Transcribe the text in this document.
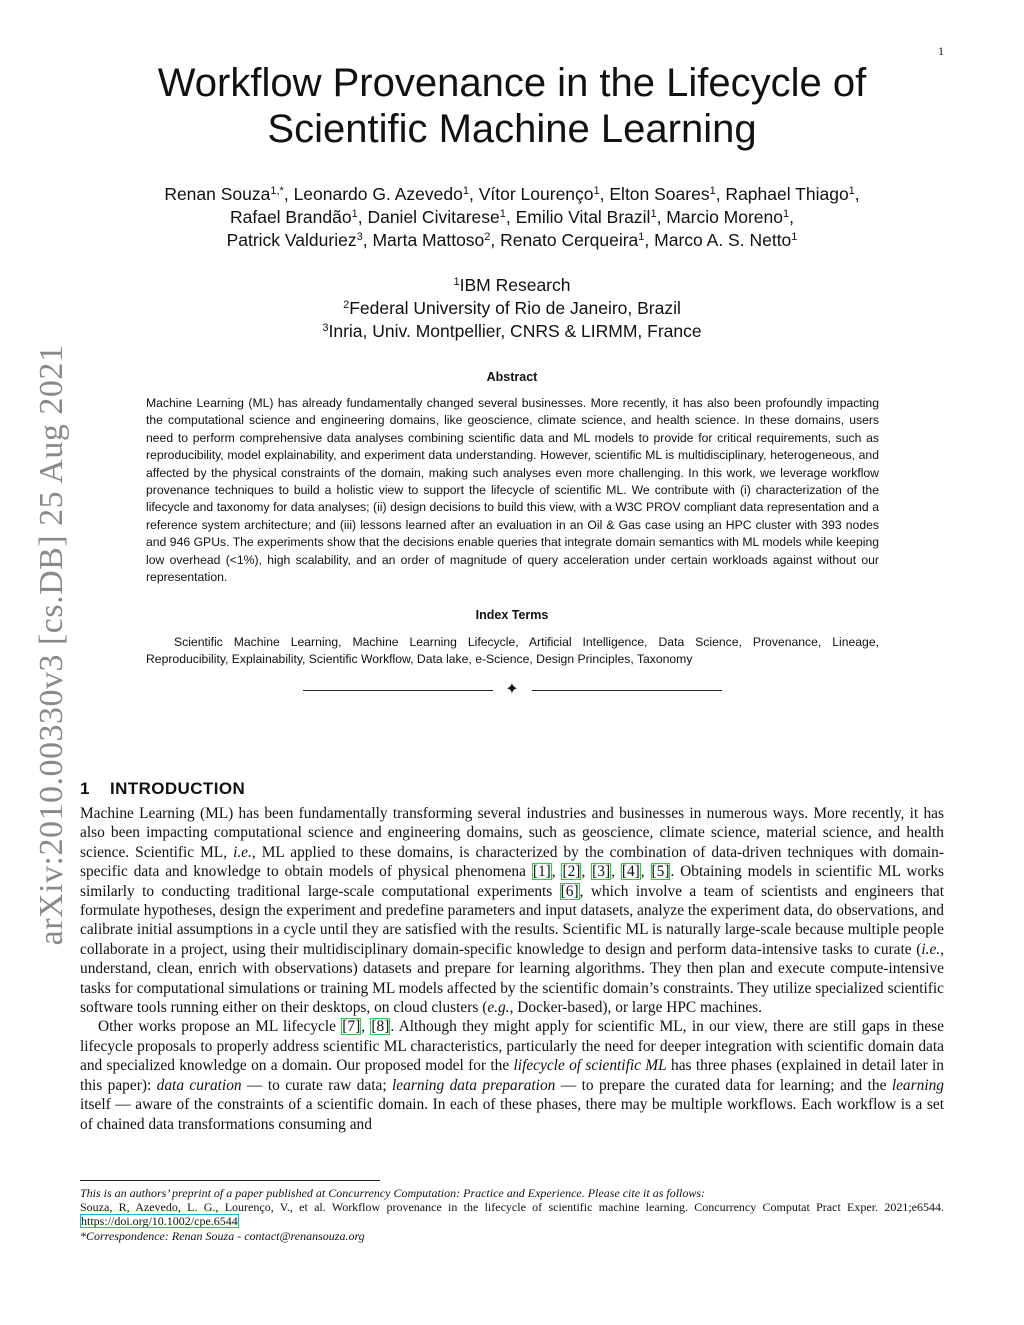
1
arXiv:2010.00330v3 [cs.DB] 25 Aug 2021
Workflow Provenance in the Lifecycle of
Scientific Machine Learning
Renan Souza$^{1,*}$, Leonardo G. Azevedo$^1$, Vítor Lourenço$^1$, Elton Soares$^1$, Raphael Thiago$^1$,
Rafael Brandão$^1$, Daniel Civitarese$^1$, Emilio Vital Brazil$^1$, Marcio Moreno$^1$,
Patrick Valduriez$^3$, Marta Mattoso$^2$, Renato Cerqueira$^1$, Marco A. S. Netto$^1$
$^1$IBM Research
$^2$Federal University of Rio de Janeiro, Brazil
$^3$Inria, Univ. Montpellier, CNRS & LIRMM, France
Abstract
Machine Learning (ML) has already fundamentally changed several businesses. More recently, it has also been profoundly impacting the computational science and engineering domains, like geoscience, climate science, and health science. In these domains, users need to perform comprehensive data analyses combining scientific data and ML models to provide for critical requirements, such as reproducibility, model explainability, and experiment data understanding. However, scientific ML is multidisciplinary, heterogeneous, and affected by the physical constraints of the domain, making such analyses even more challenging. In this work, we leverage workflow provenance techniques to build a holistic view to support the lifecycle of scientific ML. We contribute with (i) characterization of the lifecycle and taxonomy for data analyses; (ii) design decisions to build this view, with a W3C PROV compliant data representation and a reference system architecture; and (iii) lessons learned after an evaluation in an Oil & Gas case using an HPC cluster with 393 nodes and 946 GPUs. The experiments show that the decisions enable queries that integrate domain semantics with ML models while keeping low overhead (<1%), high scalability, and an order of magnitude of query acceleration under certain workloads against without our representation.
Index Terms
Scientific Machine Learning, Machine Learning Lifecycle, Artificial Intelligence, Data Science, Provenance, Lineage, Reproducibility, Explainability, Scientific Workflow, Data lake, e-Science, Design Principles, Taxonomy
✦
1 INTRODUCTION

Machine Learning (ML) has been fundamentally transforming several industries and businesses in numerous ways. More recently, it has also been impacting computational science and engineering domains, such as geoscience, climate science, material science, and health science. Scientific ML, i.e., ML applied to these domains, is characterized by the combination of data-driven techniques with domain-specific data and knowledge to obtain models of physical phenomena [1], [2], [3], [4], [5]. Obtaining models in scientific ML works similarly to conducting traditional large-scale computational experiments [6], which involve a team of scientists and engineers that formulate hypotheses, design the experiment and predefine parameters and input datasets, analyze the experiment data, do observations, and calibrate initial assumptions in a cycle until they are satisfied with the results. Scientific ML is naturally large-scale because multiple people collaborate in a project, using their multidisciplinary domain-specific knowledge to design and perform data-intensive tasks to curate (i.e., understand, clean, enrich with observations) datasets and prepare for learning algorithms. They then plan and execute compute-intensive tasks for computational simulations or training ML models affected by the scientific domain’s constraints. They utilize specialized scientific software tools running either on their desktops, on cloud clusters (e.g., Docker-based), or large HPC machines.

Other works propose an ML lifecycle [7], [8]. Although they might apply for scientific ML, in our view, there are still gaps in these lifecycle proposals to properly address scientific ML characteristics, particularly the need for deeper integration with scientific domain data and specialized knowledge on a domain. Our proposed model for the lifecycle of scientific ML has three phases (explained in detail later in this paper): data curation — to curate raw data; learning data preparation — to prepare the curated data for learning; and the learning itself — aware of the constraints of a scientific domain. In each of these phases, there may be multiple workflows. Each workflow is a set of chained data transformations consuming and

This is an authors’ preprint of a paper published at Concurrency Computation: Practice and Experience. Please cite it as follows:

Souza, R, Azevedo, L. G., Lourenço, V., et al. Workflow provenance in the lifecycle of scientific machine learning. Concurrency Computat Pract Exper. 2021;e6544. https://doi.org/10.1002/cpe.6544

*Correspondence: Renan Souza - contact@renansouza.org
